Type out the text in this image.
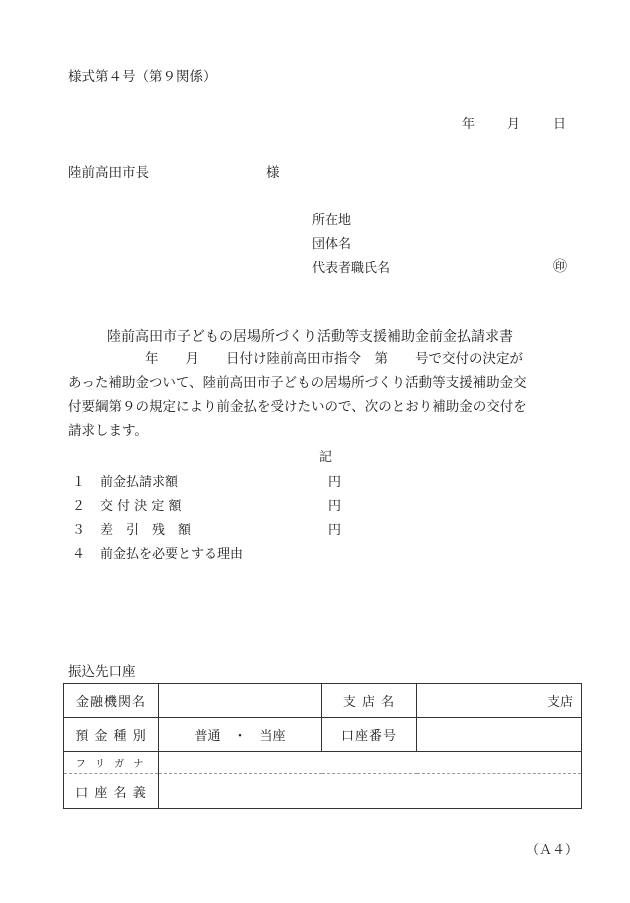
様式第４号（第９関係）
年 月	日
陸前高田市長	様
所在地
団体名
代表者職氏名	㊞
陸前高田市子どもの居場所づくり活動等支援補助金前金払請求書

年　　月　　日付け陸前高田市指令　第　　号で交付の決定が

あった補助金ついて、陸前高田市子どもの居場所づくり活動等支援補助金交

付要綱第９の規定により前金払を受けたいので、次のとおり補助金の交付を

請求します。

記
１ 前金払請求額	円
２ 交 付 決 定 額	円
３ 差　引　残　額	円
４ 前金払を必要とする理由
振込先口座
金融機関名		支 店 名	支店
預 金 種 別	普通　・　当座	口座番号	
フ リ ガ ナ			
口 座 名 義			
（Ａ４）
